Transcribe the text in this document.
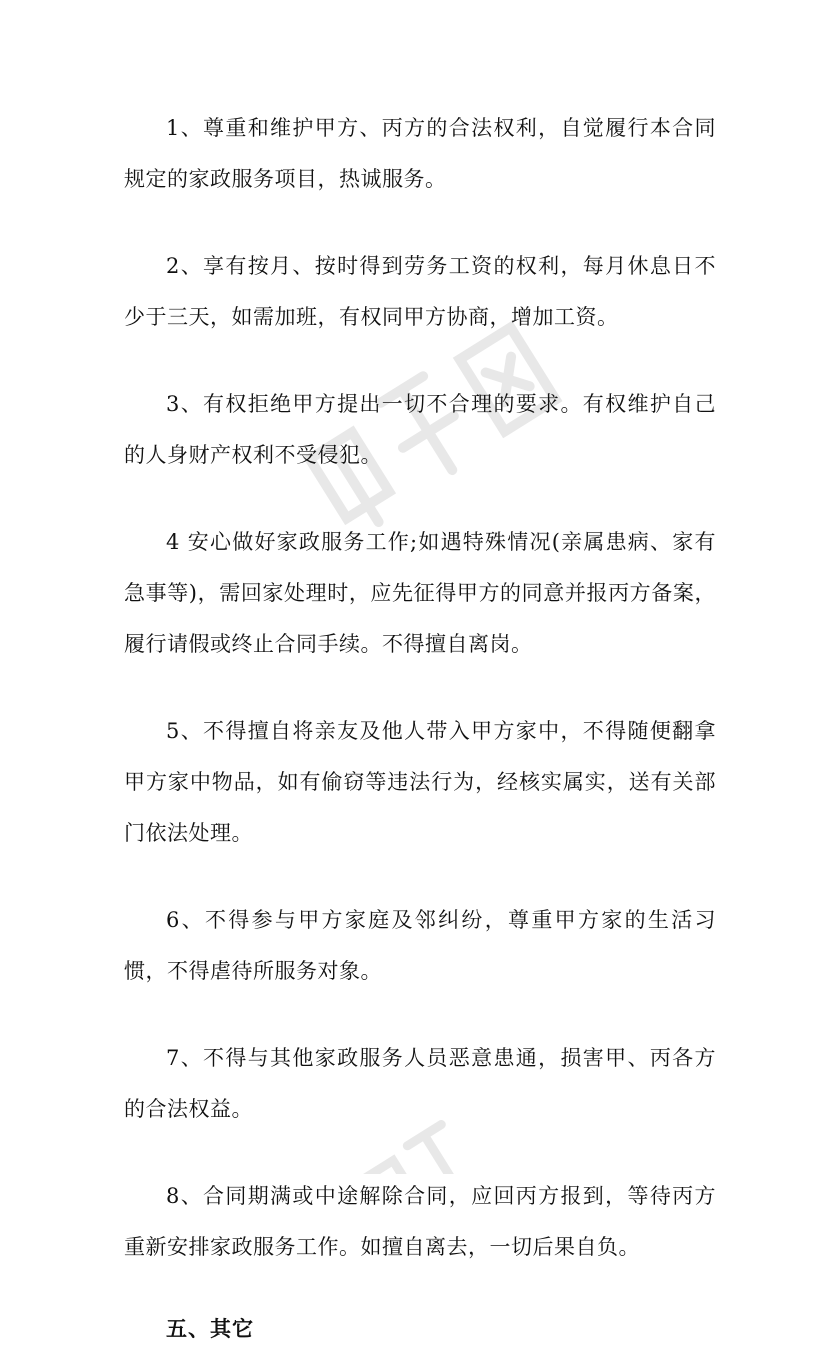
1、尊重和维护甲方、丙方的合法权利，自觉履行本合同规定的家政服务项目，热诚服务。

2、享有按月、按时得到劳务工资的权利，每月休息日不少于三天，如需加班，有权同甲方协商，增加工资。

3、有权拒绝甲方提出一切不合理的要求。有权维护自己的人身财产权利不受侵犯。

4 安心做好家政服务工作;如遇特殊情况(亲属患病、家有急事等)，需回家处理时，应先征得甲方的同意并报丙方备案，履行请假或终止合同手续。不得擅自离岗。

5、不得擅自将亲友及他人带入甲方家中，不得随便翻拿甲方家中物品，如有偷窃等违法行为，经核实属实，送有关部门依法处理。

6、不得参与甲方家庭及邻纠纷，尊重甲方家的生活习惯，不得虐待所服务对象。

7、不得与其他家政服务人员恶意患通，损害甲、丙各方的合法权益。

8、合同期满或中途解除合同，应回丙方报到，等待丙方重新安排家政服务工作。如擅自离去，一切后果自负。

五、其它
